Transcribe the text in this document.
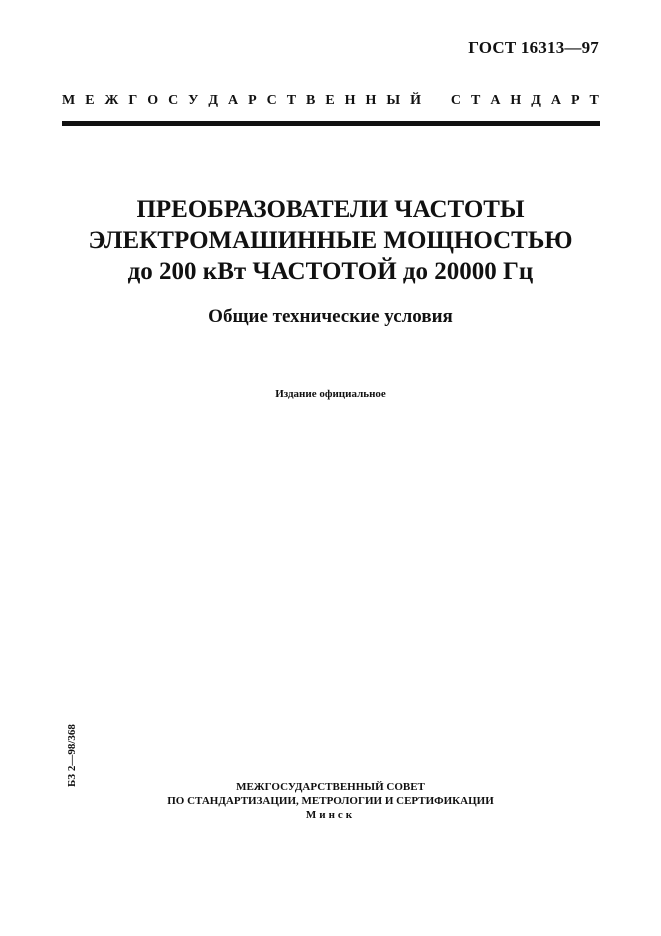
ГОСТ 16313—97
М Е Ж Г О С У Д А Р С Т В Е Н Н Ы Й С Т А Н Д А Р Т
ПРЕОБРАЗОВАТЕЛИ ЧАСТОТЫ
ЭЛЕКТРОМАШИННЫЕ МОЩНОСТЬЮ
до 200 кВт ЧАСТОТОЙ до 20000 Гц
Общие технические условия
Издание официальное
БЗ 2—98/368	МЕЖГОСУДАРСТВЕННЫЙ СОВЕТ
ПО СТАНДАРТИЗАЦИИ, МЕТРОЛОГИИ И СЕРТИФИКАЦИИ
Минск
